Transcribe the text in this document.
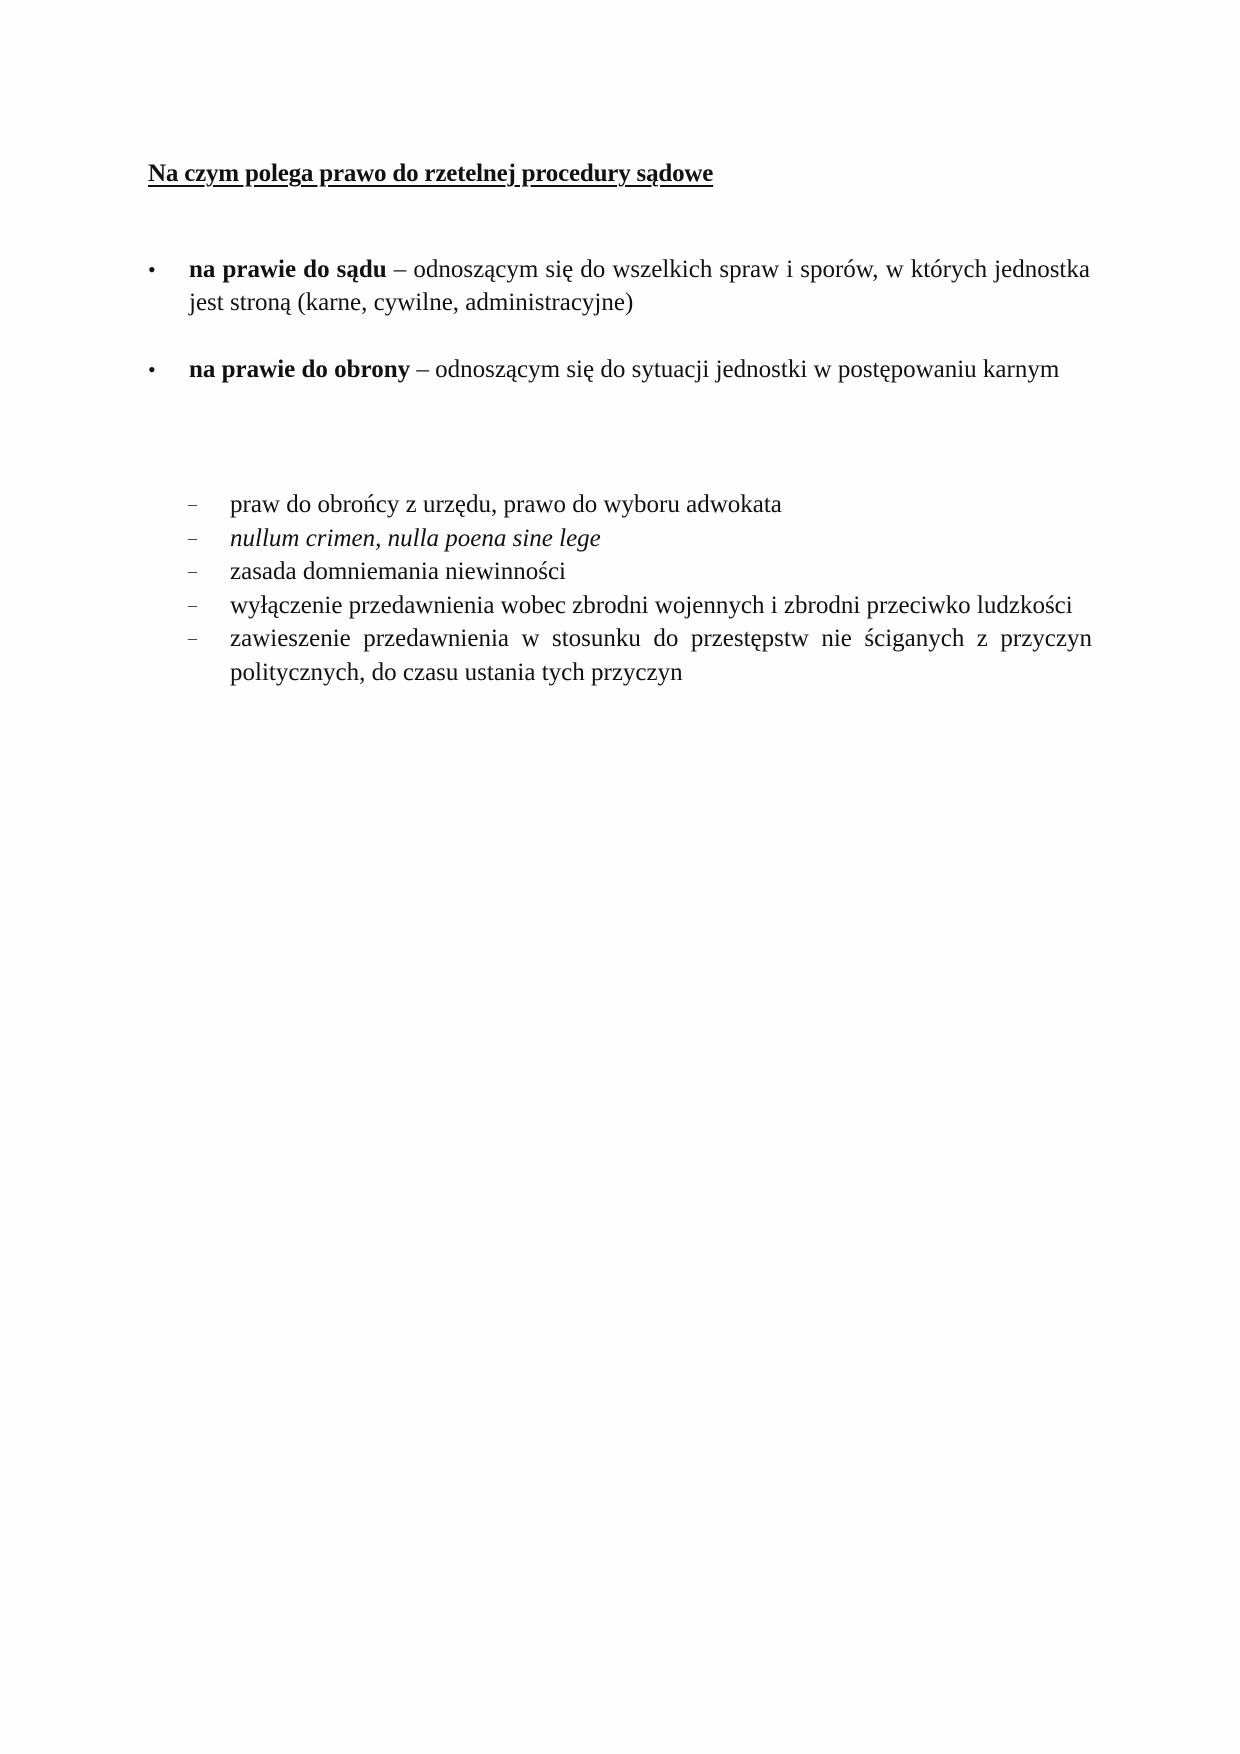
Na czym polega prawo do rzetelnej procedury sądowe
•	na prawie do sądu – odnoszącym się do wszelkich spraw i sporów, w których jednostka jest stroną (karne, cywilne, administracyjne)
•	na prawie do obrony – odnoszącym się do sytuacji jednostki w postępowaniu karnym
–	praw do obrońcy z urzędu, prawo do wyboru adwokata
–	nullum crimen, nulla poena sine lege
–	zasada domniemania niewinności
–	wyłączenie przedawnienia wobec zbrodni wojennych i zbrodni przeciwko ludzkości
–	zawieszenie przedawnienia w stosunku do przestępstw nie ściganych z przyczyn politycznych, do czasu ustania tych przyczyn
